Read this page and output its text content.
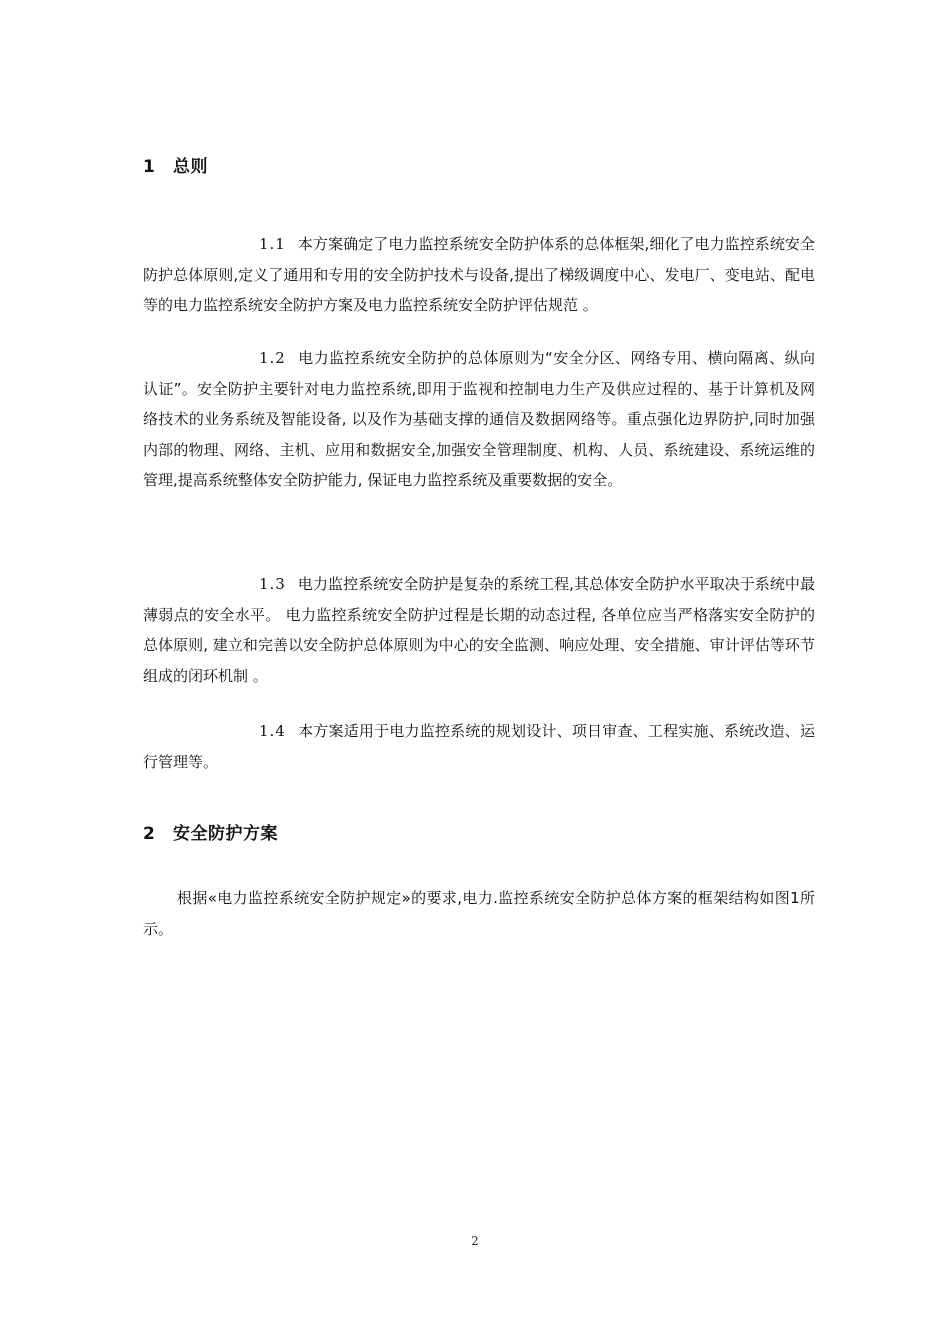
1 总则

1.1 本方案确定了电力监控系统安全防护体系的总体框架,细化了电力监控系统安全防护总体原则,定义了通用和专用的安全防护技术与设备,提出了梯级调度中心、发电厂、变电站、配电等的电力监控系统安全防护方案及电力监控系统安全防护评估规范 。

1.2 电力监控系统安全防护的总体原则为“安全分区、网络专用、横向隔离、纵向认证”。安全防护主要针对电力监控系统,即用于监视和控制电力生产及供应过程的、基于计算机及网络技术的业务系统及智能设备, 以及作为基础支撑的通信及数据网络等。重点强化边界防护,同时加强内部的物理、网络、主机、应用和数据安全,加强安全管理制度、机构、人员、系统建设、系统运维的管理,提高系统整体安全防护能力, 保证电力监控系统及重要数据的安全。

1.3 电力监控系统安全防护是复杂的系统工程,其总体安全防护水平取决于系统中最薄弱点的安全水平。 电力监控系统安全防护过程是长期的动态过程, 各单位应当严格落实安全防护的总体原则, 建立和完善以安全防护总体原则为中心的安全监测、响应处理、安全措施、审计评估等环节组成的闭环机制 。

1.4 本方案适用于电力监控系统的规划设计、项日审查、工程实施、系统改造、运行管理等。

2 安全防护方案

根据«电力监控系统安全防护规定»的要求,电力.监控系统安全防护总体方案的框架结构如图1所示。

2
